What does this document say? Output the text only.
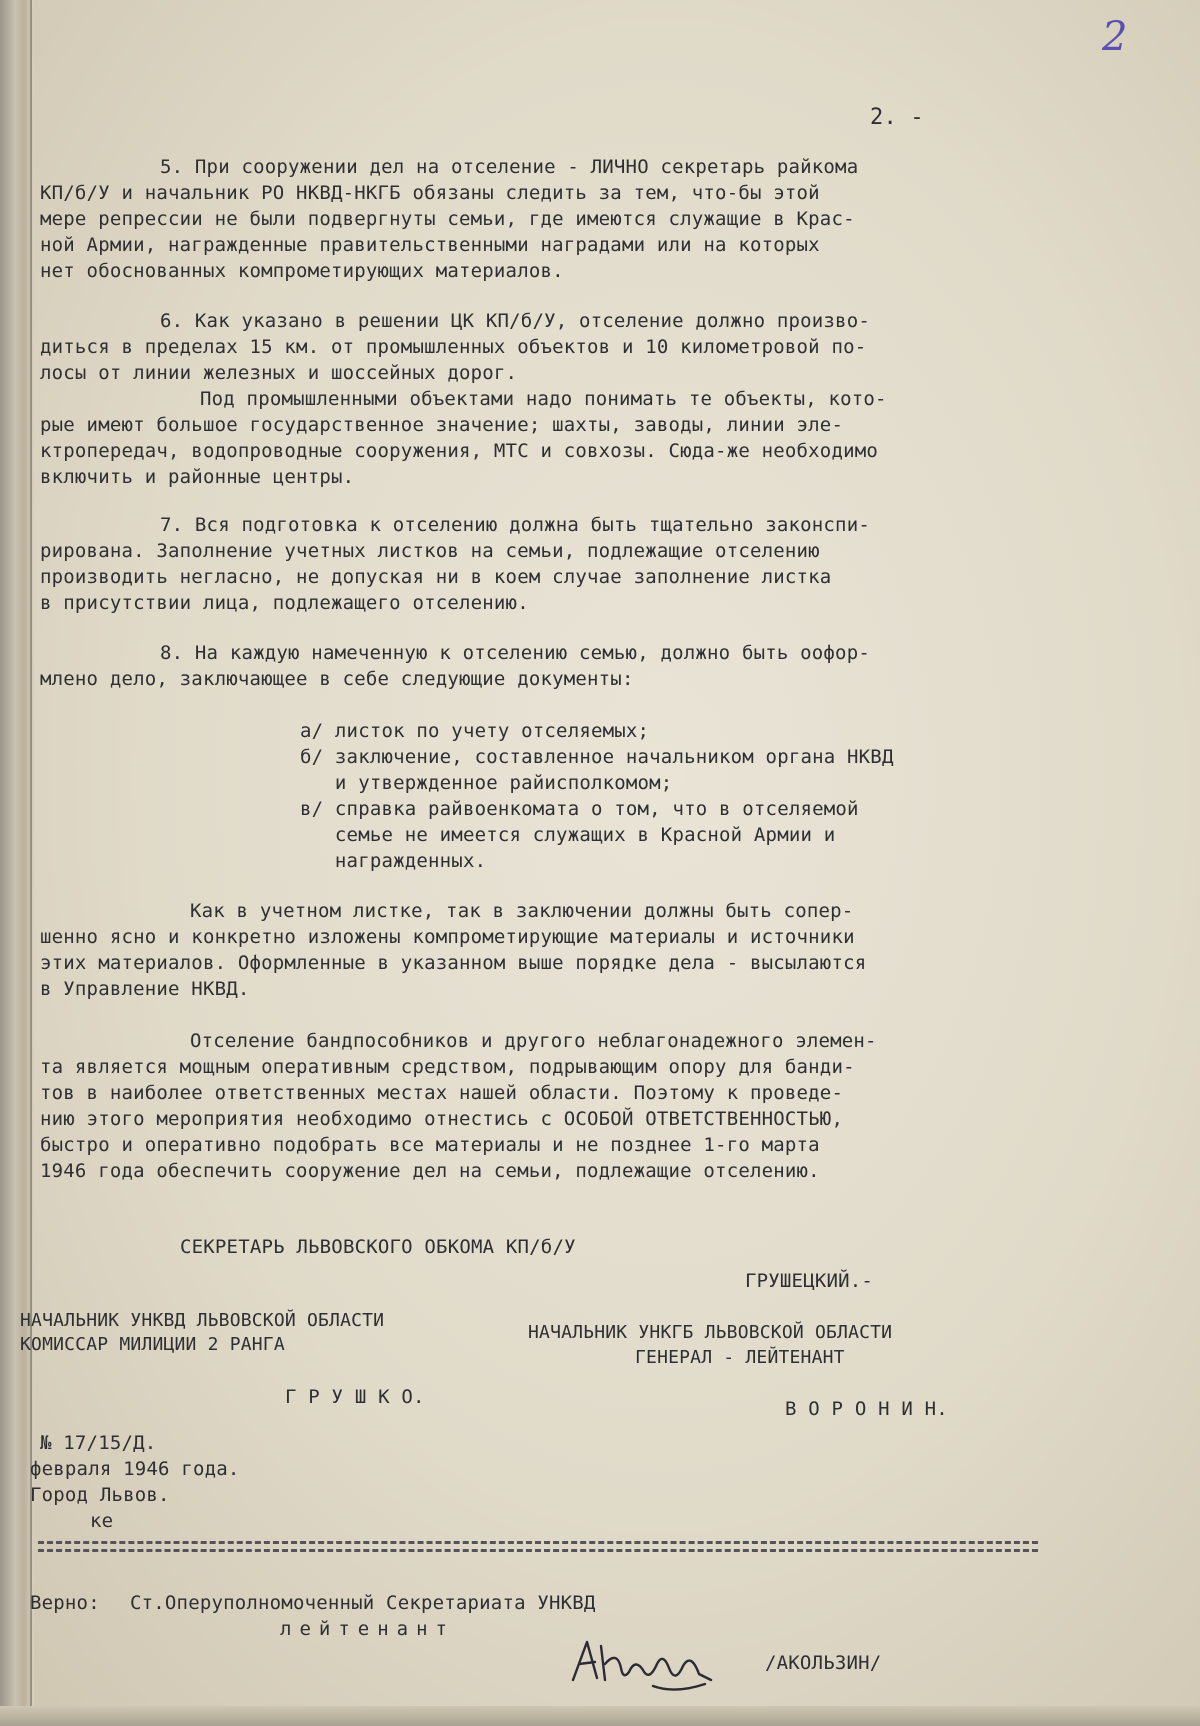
2
2. -
5. При сооружении дел на отселение - ЛИЧНО секретарь райкома
КП/б/У и начальник РО НКВД-НКГБ обязаны следить за тем, что-бы этой
мере репрессии не были подвергнуты семьи, где имеются служащие в Крас-
ной Армии, награжденные правительственными наградами или на которых
нет обоснованных компрометирующих материалов.
6. Как указано в решении ЦК КП/б/У, отселение должно произво-
диться в пределах 15 км. от промышленных объектов и 10 километровой по-
лосы от линии железных и шоссейных дорог.
Под промышленными объектами надо понимать те объекты, кото-
рые имеют большое государственное значение; шахты, заводы, линии эле-
ктропередач, водопроводные сооружения, МТС и совхозы. Сюда-же необходимо
включить и районные центры.
7. Вся подготовка к отселению должна быть тщательно законспи-
рирована. Заполнение учетных листков на семьи, подлежащие отселению
производить негласно, не допуская ни в коем случае заполнение листка
в присутствии лица, подлежащего отселению.
8. На каждую намеченную к отселению семью, должно быть оофор-
млено дело, заключающее в себе следующие документы:
а/ листок по учету отселяемых;
б/ заключение, составленное начальником органа НКВД
и утвержденное райисполкомом;
в/ справка райвоенкомата о том, что в отселяемой
семье не имеется служащих в Красной Армии и
награжденных.
Как в учетном листке, так в заключении должны быть сопер-
шенно ясно и конкретно изложены компрометирующие материалы и источники
этих материалов. Оформленные в указанном выше порядке дела - высылаются
в Управление НКВД.
Отселение бандпособников и другого неблагонадежного элемен-
та является мощным оперативным средством, подрывающим опору для банди-
тов в наиболее ответственных местах нашей области. Поэтому к проведе-
нию этого мероприятия необходимо отнестись с ОСОБОЙ ОТВЕТСТВЕННОСТЬЮ,
быстро и оперативно подобрать все материалы и не позднее 1-го марта
1946 года обеспечить сооружение дел на семьи, подлежащие отселению.
СЕКРЕТАРЬ ЛЬВОВСКОГО ОБКОМА КП/б/У
ГРУШЕЦКИЙ.-
НАЧАЛЬНИК УНКВД ЛЬВОВСКОЙ ОБЛАСТИ
КОМИССАР МИЛИЦИИ 2 РАНГА
Г Р У Ш К О.
НАЧАЛЬНИК УНКГБ ЛЬВОВСКОЙ ОБЛАСТИ
ГЕНЕРАЛ - ЛЕЙТЕНАНТ
В О Р О Н И Н.
№ 17/15/Д.
февраля 1946 года.
Город Львов.
ке
Верно: Ст.Оперуполномоченный Секретариата УНКВД
лейтенант
/АКОЛЬЗИН/
